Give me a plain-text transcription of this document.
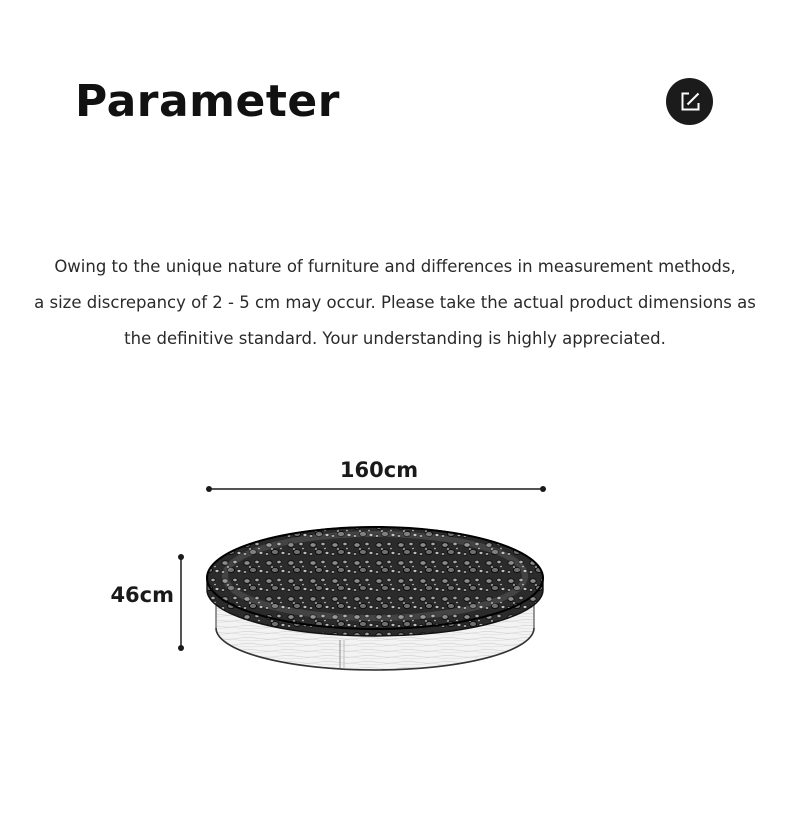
Parameter

Owing to the unique nature of furniture and differences in measurement methods,
a size discrepancy of 2 - 5 cm may occur. Please take the actual product dimensions as
the definitive standard. Your understanding is highly appreciated.

160cm
46cm
